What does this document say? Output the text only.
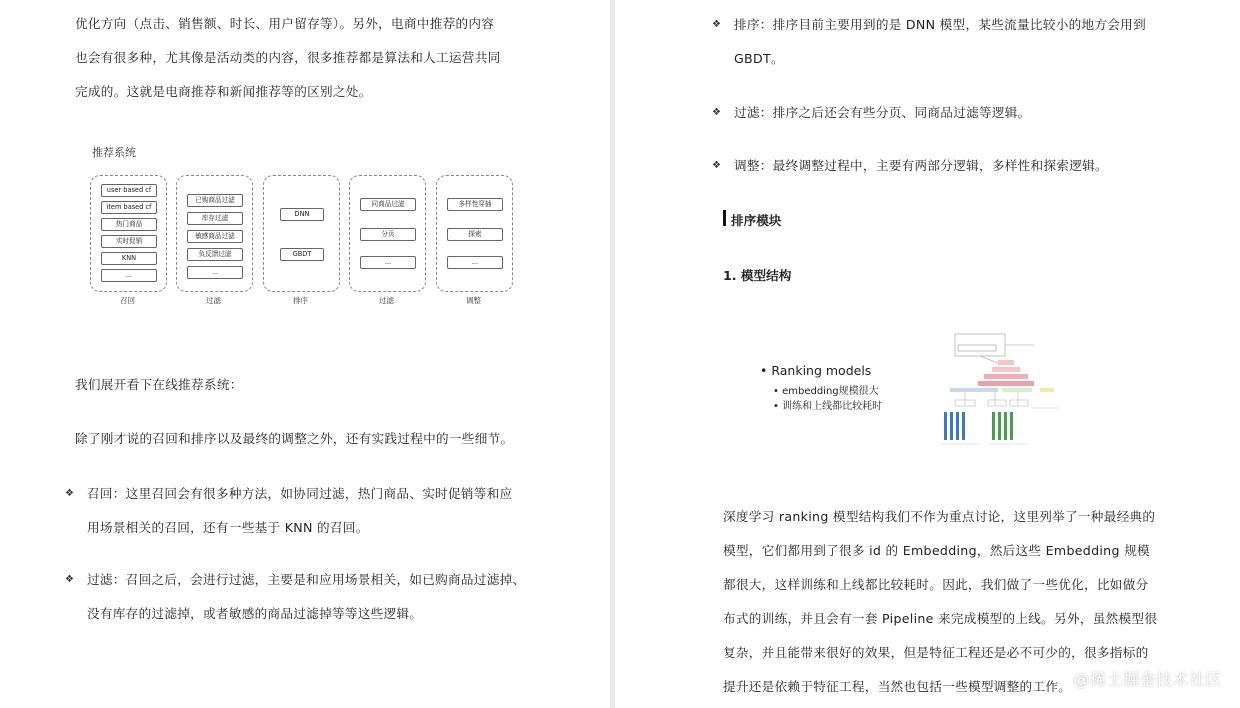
优化方向（点击、销售额、时长、用户留存等）。另外，电商中推荐的内容
也会有很多种，尤其像是活动类的内容，很多推荐都是算法和人工运营共同
完成的。这就是电商推荐和新闻推荐等的区别之处。
推荐系统
user based cf
item based cf
热门商品
实时促销
KNN
...
召回
已购商品过滤
库存过滤
敏感商品过滤
负反馈过滤
...
过滤
DNN
GBDT
排序
同商品过滤
分页
...
过滤
多样性穿插
探索
...
调整
我们展开看下在线推荐系统：
除了刚才说的召回和排序以及最终的调整之外，还有实践过程中的一些细节。
❖ 召回：这里召回会有很多种方法，如协同过滤，热门商品、实时促销等和应
用场景相关的召回，还有一些基于 KNN 的召回。
❖ 过滤：召回之后，会进行过滤，主要是和应用场景相关，如已购商品过滤掉、
没有库存的过滤掉，或者敏感的商品过滤掉等等这些逻辑。
❖ 排序：排序目前主要用到的是 DNN 模型，某些流量比较小的地方会用到
GBDT。
❖ 过滤：排序之后还会有些分页、同商品过滤等逻辑。
❖ 调整：最终调整过程中，主要有两部分逻辑，多样性和探索逻辑。
排序模块
1. 模型结构
• Ranking models
• embedding规模很大
• 训练和上线都比较耗时
深度学习 ranking 模型结构我们不作为重点讨论，这里列举了一种最经典的
模型，它们都用到了很多 id 的 Embedding，然后这些 Embedding 规模
都很大，这样训练和上线都比较耗时。因此，我们做了一些优化，比如做分
布式的训练，并且会有一套 Pipeline 来完成模型的上线。另外，虽然模型很
复杂，并且能带来很好的效果，但是特征工程还是必不可少的，很多指标的
提升还是依赖于特征工程，当然也包括一些模型调整的工作。 @稀土掘金技术社区
